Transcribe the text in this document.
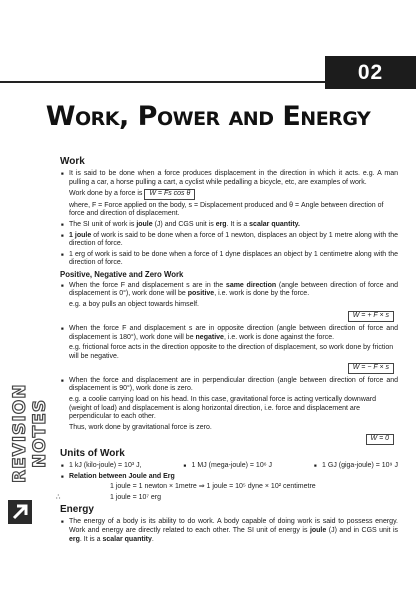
02
Work, Power and Energy
REVISION NOTES
Work
■ It is said to be done when a force produces displacement in the direction in which it acts. e.g. A man pulling a car, a horse pulling a cart, a cyclist while pedalling a bicycle, etc, are examples of work.
Work done by a force is W = Fs cos θ
where, F = Force applied on the body, s = Displacement produced and θ = Angle between direction of force and direction of displacement.
■ The SI unit of work is joule (J) and CGS unit is erg. It is a scalar quantity.
■ 1 joule of work is said to be done when a force of 1 newton, displaces an object by 1 metre along with the direction of force.
■ 1 erg of work is said to be done when a force of 1 dyne displaces an object by 1 centimetre along with the direction of force.
Positive, Negative and Zero Work
■ When the force F and displacement s are in the same direction (angle between direction of force and displacement is 0°), work done will be positive, i.e. work is done by the force.
e.g. a boy pulls an object towards himself.
W = + F × s
■ When the force F and displacement s are in opposite direction (angle between direction of force and displacement is 180°), work done will be negative, i.e. work is done against the force.
e.g. frictional force acts in the direction opposite to the direction of displacement, so work done by friction will be negative.
W = − F × s
■ When the force and displacement are in perpendicular direction (angle between direction of force and displacement is 90°), work done is zero.
e.g. a coolie carrying load on his head. In this case, gravitational force is acting vertically downward (weight of load) and displacement is along horizontal direction, i.e. force and displacement are perpendicular to each other.
Thus, work done by gravitational force is zero.
W = 0
Units of Work
■ 1 kJ (kilo-joule) = 10³ J,	■ 1 MJ (mega-joule) = 10⁶ J	■ 1 GJ (giga-joule) = 10⁹ J
■ Relation between Joule and Erg
1 joule = 1 newton × 1metre ⇒ 1 joule = 10⁵ dyne × 10² centimetre
∴	1 joule = 10⁷ erg
Energy
■ The energy of a body is its ability to do work. A body capable of doing work is said to possess energy. Work and energy are directly related to each other. The SI unit of energy is joule (J) and in CGS unit is erg. It is a scalar quantity.
